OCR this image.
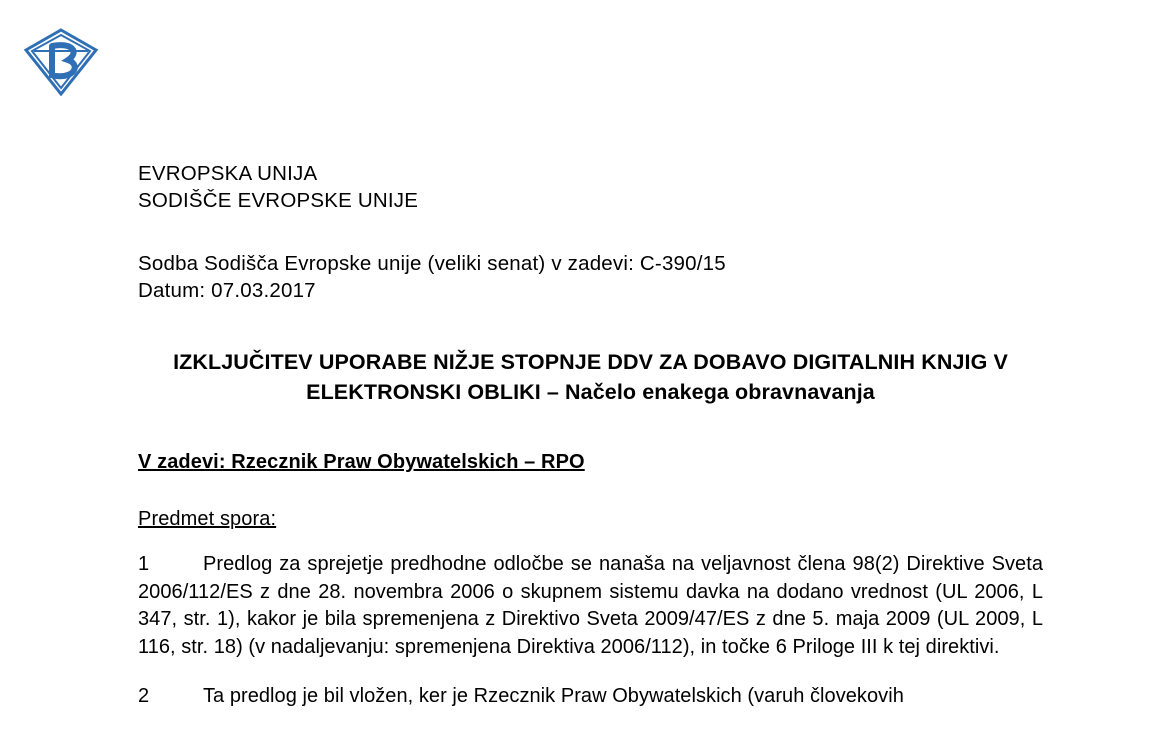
EVROPSKA UNIJA
SODIŠČE EVROPSKE UNIJE
Sodba Sodišča Evropske unije (veliki senat) v zadevi: C-390/15
Datum: 07.03.2017
IZKLJUČITEV UPORABE NIŽJE STOPNJE DDV ZA DOBAVO DIGITALNIH KNJIG V ELEKTRONSKI OBLIKI – Načelo enakega obravnavanja
V zadevi: Rzecznik Praw Obywatelskich – RPO
Predmet spora:
1	Predlog za sprejetje predhodne odločbe se nanaša na veljavnost člena 98(2) Direktive Sveta 2006/112/ES z dne 28. novembra 2006 o skupnem sistemu davka na dodano vrednost (UL 2006, L 347, str. 1), kakor je bila spremenjena z Direktivo Sveta 2009/47/ES z dne 5. maja 2009 (UL 2009, L 116, str. 18) (v nadaljevanju: spremenjena Direktiva 2006/112), in točke 6 Priloge III k tej direktivi.
2	Ta predlog je bil vložen, ker je Rzecznik Praw Obywatelskich (varuh človekovih
